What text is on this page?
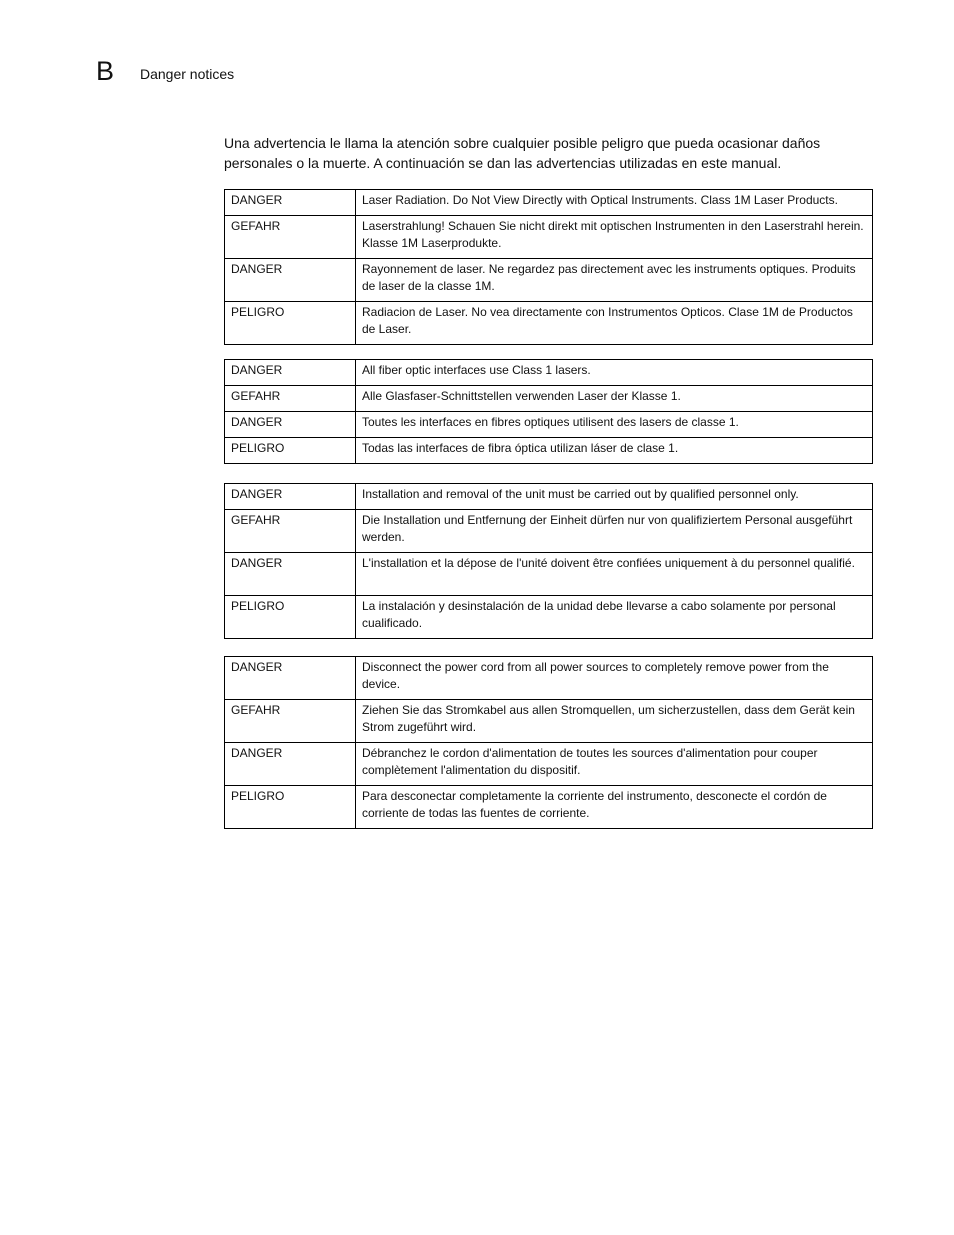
B Danger notices

Una advertencia le llama la atención sobre cualquier posible peligro que pueda ocasionar daños personales o la muerte. A continuación se dan las advertencias utilizadas en este manual.

DANGER	Laser Radiation. Do Not View Directly with Optical Instruments. Class 1M Laser Products.
GEFAHR	Laserstrahlung! Schauen Sie nicht direkt mit optischen Instrumenten in den Laserstrahl herein. Klasse 1M Laserprodukte.
DANGER	Rayonnement de laser. Ne regardez pas directement avec les instruments optiques. Produits de laser de la classe 1M.
PELIGRO	Radiacion de Laser. No vea directamente con Instrumentos Opticos. Clase 1M de Productos de Laser.
DANGER	All fiber optic interfaces use Class 1 lasers.
GEFAHR	Alle Glasfaser-Schnittstellen verwenden Laser der Klasse 1.
DANGER	Toutes les interfaces en fibres optiques utilisent des lasers de classe 1.
PELIGRO	Todas las interfaces de fibra óptica utilizan láser de clase 1.
DANGER	Installation and removal of the unit must be carried out by qualified personnel only.
GEFAHR	Die Installation und Entfernung der Einheit dürfen nur von qualifiziertem Personal ausgeführt werden.
DANGER	L'installation et la dépose de l'unité doivent être confiées uniquement à du personnel qualifié.
PELIGRO	La instalación y desinstalación de la unidad debe llevarse a cabo solamente por personal cualificado.
DANGER	Disconnect the power cord from all power sources to completely remove power from the device.
GEFAHR	Ziehen Sie das Stromkabel aus allen Stromquellen, um sicherzustellen, dass dem Gerät kein Strom zugeführt wird.
DANGER	Débranchez le cordon d'alimentation de toutes les sources d'alimentation pour couper complètement l'alimentation du dispositif.
PELIGRO	Para desconectar completamente la corriente del instrumento, desconecte el cordón de corriente de todas las fuentes de corriente.
